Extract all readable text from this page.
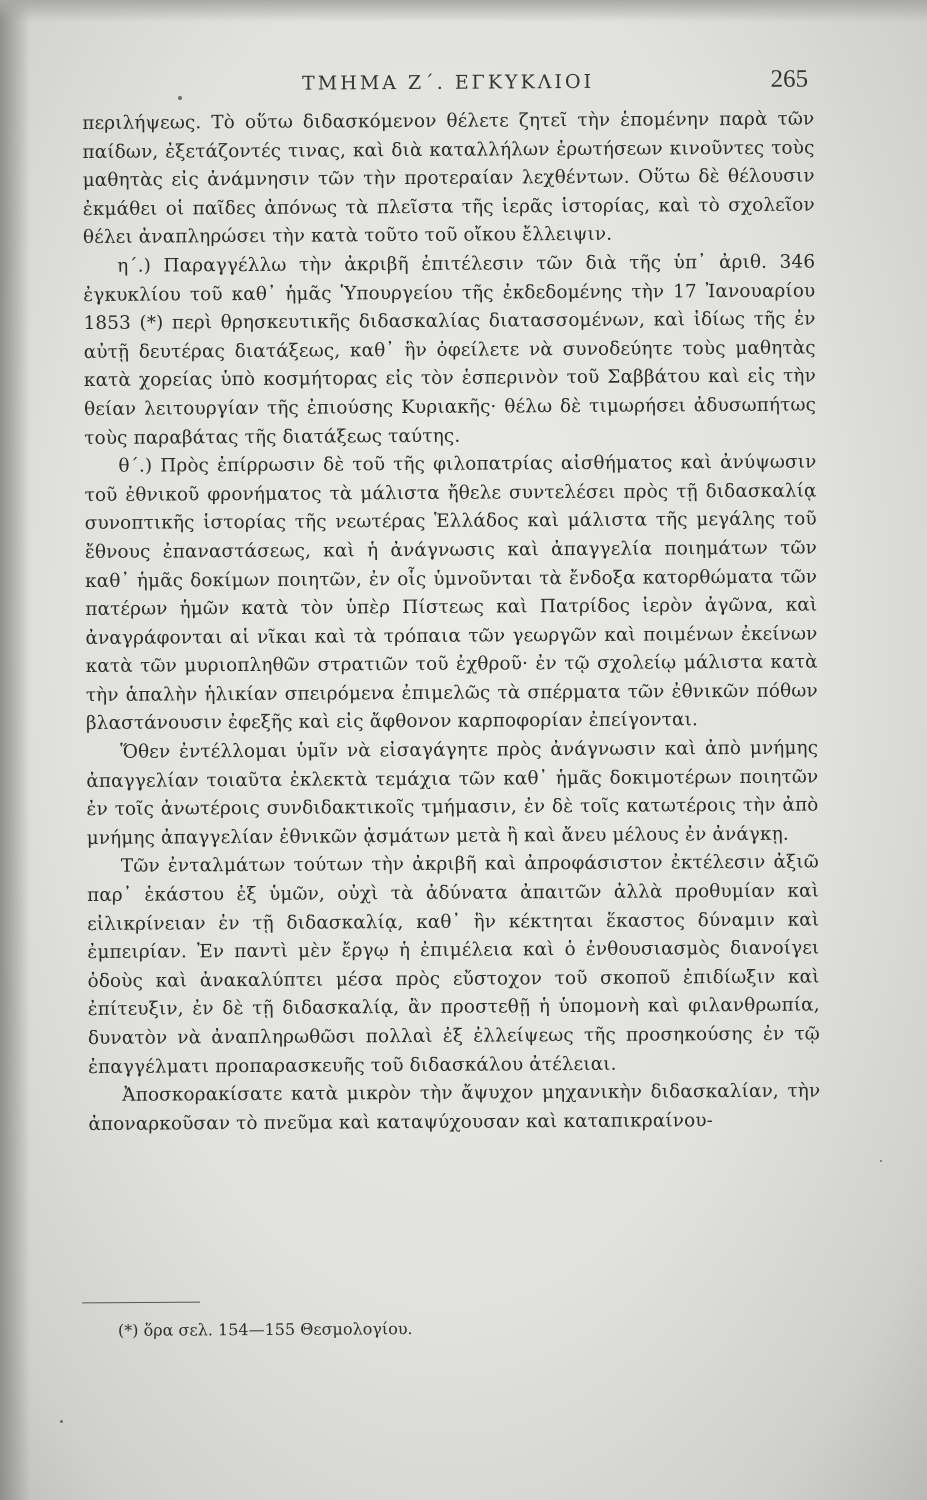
ΤΜΗΜΑ Ζ΄. ΕΓΚΥΚΛΙΟΙ	265

περιλήψεως. Τὸ οὕτω διδασκόμενον θέλετε ζητεῖ τὴν ἑπομένην παρὰ τῶν παίδων, ἐξετάζοντές τινας, καὶ διὰ καταλλήλων ἐρωτήσεων κινοῦντες τοὺς μαθητὰς εἰς ἀνάμνησιν τῶν τὴν προτεραίαν λεχθέντων. Οὕτω δὲ θέλουσιν ἐκμάθει οἱ παῖδες ἀπόνως τὰ πλεῖστα τῆς ἱερᾶς ἱστορίας, καὶ τὸ σχολεῖον θέλει ἀναπληρώσει τὴν κατὰ τοῦτο τοῦ οἴκου ἔλλειψιν.

η΄.) Παραγγέλλω τὴν ἀκριβῆ ἐπιτέλεσιν τῶν διὰ τῆς ὑπ᾽ ἀριθ. 346 ἐγκυκλίου τοῦ καθ᾽ ἡμᾶς Ὑπουργείου τῆς ἐκδεδομένης τὴν 17 Ἰανουαρίου 1853 (*) περὶ θρησκευτικῆς διδασκαλίας διατασσομένων, καὶ ἰδίως τῆς ἐν αὐτῇ δευτέρας διατάξεως, καθ᾽ ἣν ὀφείλετε νὰ συνοδεύητε τοὺς μαθητὰς κατὰ χορείας ὑπὸ κοσμήτορας εἰς τὸν ἑσπερινὸν τοῦ Σαββάτου καὶ εἰς τὴν θείαν λειτουργίαν τῆς ἐπιούσης Κυριακῆς· θέλω δὲ τιμωρήσει ἀδυσωπήτως τοὺς παραβάτας τῆς διατάξεως ταύτης.

θ΄.) Πρὸς ἐπίρρωσιν δὲ τοῦ τῆς φιλοπατρίας αἰσθήματος καὶ ἀνύψωσιν τοῦ ἐθνικοῦ φρονήματος τὰ μάλιστα ἤθελε συντελέσει πρὸς τῇ διδασκαλίᾳ συνοπτικῆς ἱστορίας τῆς νεωτέρας Ἑλλάδος καὶ μάλιστα τῆς μεγάλης τοῦ ἔθνους ἐπαναστάσεως, καὶ ἡ ἀνάγνωσις καὶ ἀπαγγελία ποιημάτων τῶν καθ᾽ ἡμᾶς δοκίμων ποιητῶν, ἐν οἷς ὑμνοῦνται τὰ ἔνδοξα κατορθώματα τῶν πατέρων ἡμῶν κατὰ τὸν ὑπὲρ Πίστεως καὶ Πατρίδος ἱερὸν ἀγῶνα, καὶ ἀναγράφονται αἱ νῖκαι καὶ τὰ τρόπαια τῶν γεωργῶν καὶ ποιμένων ἐκείνων κατὰ τῶν μυριοπληθῶν στρατιῶν τοῦ ἐχθροῦ· ἐν τῷ σχολείῳ μάλιστα κατὰ τὴν ἁπαλὴν ἡλικίαν σπειρόμενα ἐπιμελῶς τὰ σπέρματα τῶν ἐθνικῶν πόθων βλαστάνουσιν ἐφεξῆς καὶ εἰς ἄφθονον καρποφορίαν ἐπείγονται.

Ὅθεν ἐντέλλομαι ὑμῖν νὰ εἰσαγάγητε πρὸς ἀνάγνωσιν καὶ ἀπὸ μνήμης ἀπαγγελίαν τοιαῦτα ἐκλεκτὰ τεμάχια τῶν καθ᾽ ἡμᾶς δοκιμοτέρων ποιητῶν ἐν τοῖς ἀνωτέροις συνδιδακτικοῖς τμήμασιν, ἐν δὲ τοῖς κατωτέροις τὴν ἀπὸ μνήμης ἀπαγγελίαν ἐθνικῶν ᾀσμάτων μετὰ ἢ καὶ ἄνευ μέλους ἐν ἀνάγκῃ.

Τῶν ἐνταλμάτων τούτων τὴν ἀκριβῆ καὶ ἀπροφάσιστον ἐκτέλεσιν ἀξιῶ παρ᾽ ἑκάστου ἐξ ὑμῶν, οὐχὶ τὰ ἀδύνατα ἀπαιτῶν ἀλλὰ προθυμίαν καὶ εἰλικρίνειαν ἐν τῇ διδασκαλίᾳ, καθ᾽ ἣν κέκτηται ἕκαστος δύναμιν καὶ ἐμπειρίαν. Ἐν παντὶ μὲν ἔργῳ ἡ ἐπιμέλεια καὶ ὁ ἐνθουσιασμὸς διανοίγει ὁδοὺς καὶ ἀνακαλύπτει μέσα πρὸς εὔστοχον τοῦ σκοποῦ ἐπιδίωξιν καὶ ἐπίτευξιν, ἐν δὲ τῇ διδασκαλίᾳ, ἂν προστεθῇ ἡ ὑπομονὴ καὶ φιλανθρωπία, δυνατὸν νὰ ἀναπληρωθῶσι πολλαὶ ἐξ ἐλλείψεως τῆς προσηκούσης ἐν τῷ ἐπαγγέλματι προπαρασκευῆς τοῦ διδασκάλου ἀτέλειαι.

Ἀποσκορακίσατε κατὰ μικρὸν τὴν ἄψυχον μηχανικὴν διδασκαλίαν, τὴν ἀποναρκοῦσαν τὸ πνεῦμα καὶ καταψύχουσαν καὶ καταπικραίνου-

(*) ὅρα σελ. 154—155 Θεσμολογίου.
